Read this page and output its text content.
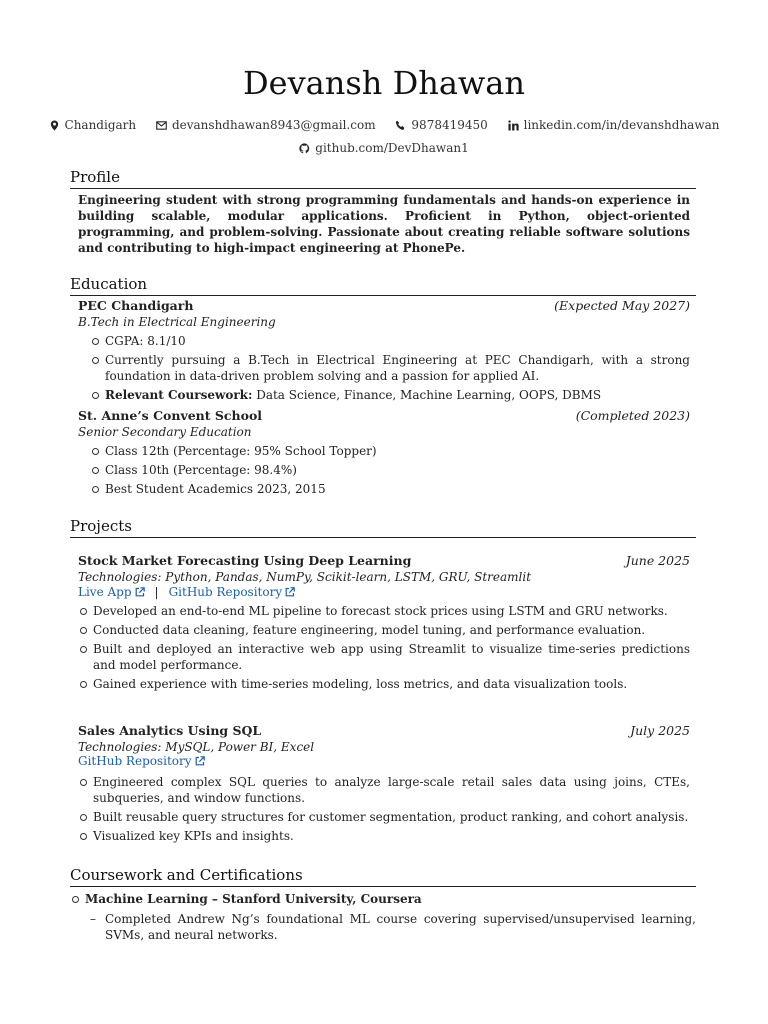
Devansh Dhawan
Chandigarh
	devanshdhawan8943@gmail.com
	9878419450
	linkedin.com/in/devanshdhawan
github.com/DevDhawan1
Profile
Engineering student with strong programming fundamentals and hands-on experience in building scalable, modular applications. Proficient in Python, object-oriented programming, and problem-solving. Passionate about creating reliable software solutions and contributing to high-impact engineering at PhonePe.
Education
PEC Chandigarh	(Expected May 2027)
B.Tech in Electrical Engineering
CGPA: 8.1/10
Currently pursuing a B.Tech in Electrical Engineering at PEC Chandigarh, with a strong foundation in data-driven problem solving and a passion for applied AI.
Relevant Coursework: Data Science, Finance, Machine Learning, OOPS, DBMS
St. Anne’s Convent School	(Completed 2023)
Senior Secondary Education
Class 12th (Percentage: 95% School Topper)
Class 10th (Percentage: 98.4%)
Best Student Academics 2023, 2015
Projects
Stock Market Forecasting Using Deep Learning	June 2025
Technologies: Python, Pandas, NumPy, Scikit-learn, LSTM, GRU, Streamlit
Live App | GitHub Repository
Developed an end-to-end ML pipeline to forecast stock prices using LSTM and GRU networks.
Conducted data cleaning, feature engineering, model tuning, and performance evaluation.
Built and deployed an interactive web app using Streamlit to visualize time-series predictions and model performance.
Gained experience with time-series modeling, loss metrics, and data visualization tools.
Sales Analytics Using SQL	July 2025
Technologies: MySQL, Power BI, Excel
GitHub Repository
Engineered complex SQL queries to analyze large-scale retail sales data using joins, CTEs, subqueries, and window functions.
Built reusable query structures for customer segmentation, product ranking, and cohort analysis.
Visualized key KPIs and insights.
Coursework and Certifications
Machine Learning – Stanford University, Coursera
– Completed Andrew Ng’s foundational ML course covering supervised/unsupervised learning, SVMs, and neural networks.
